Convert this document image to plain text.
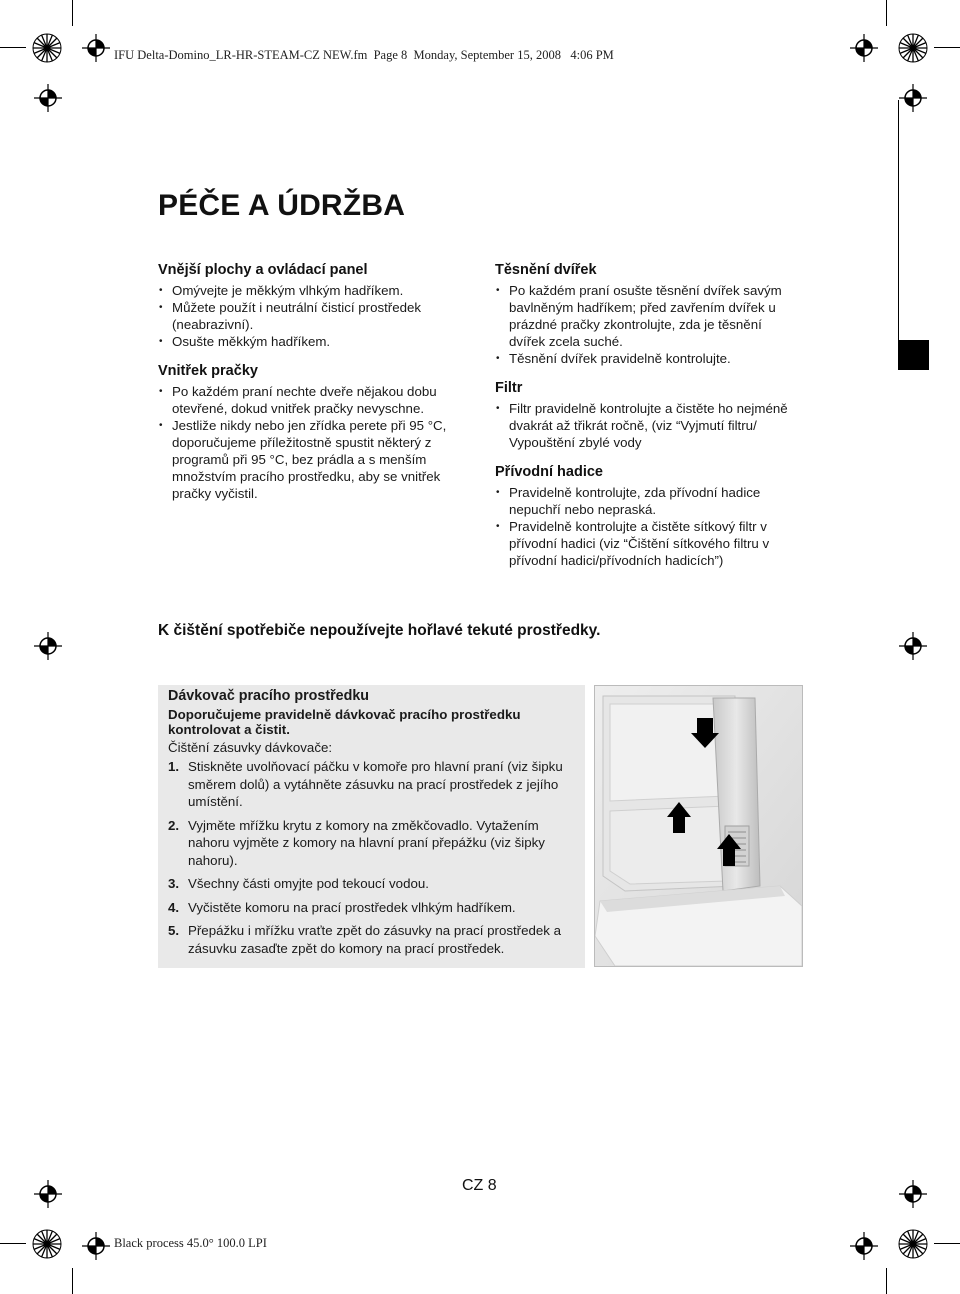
IFU Delta-Domino_LR-HR-STEAM-CZ NEW.fm Page 8 Monday, September 15, 2008 4:06 PM
Black process 45.0° 100.0 LPI
PÉČE A ÚDRŽBA
Vnější plochy a ovládací panel
• Omývejte je měkkým vlhkým hadříkem.
• Můžete použít i neutrální čisticí prostředek (neabrazivní).
• Osušte měkkým hadříkem.
Vnitřek pračky
• Po každém praní nechte dveře nějakou dobu otevřené, dokud vnitřek pračky nevyschne.
• Jestliže nikdy nebo jen zřídka perete při 95 °C, doporučujeme příležitostně spustit některý z programů při 95 °C, bez prádla a s menším množstvím pracího prostředku, aby se vnitřek pračky vyčistil.
Těsnění dvířek
• Po každém praní osušte těsnění dvířek savým bavlněným hadříkem; před zavřením dvířek u prázdné pračky zkontrolujte, zda je těsnění dvířek zcela suché.
• Těsnění dvířek pravidelně kontrolujte.
Filtr
• Filtr pravidelně kontrolujte a čistěte ho nejméně dvakrát až třikrát ročně, (viz “Vyjmutí filtru/ Vypouštění zbylé vody
Přívodní hadice
• Pravidelně kontrolujte, zda přívodní hadice nepuchří nebo nepraská.
• Pravidelně kontrolujte a čistěte sítkový filtr v přívodní hadici (viz “Čištění sítkového filtru v přívodní hadici/přívodních hadicích”)
K čištění spotřebiče nepoužívejte hořlavé tekuté prostředky.
Dávkovač pracího prostředku
Doporučujeme pravidelně dávkovač pracího prostředku kontrolovat a čistit.
Čištění zásuvky dávkovače:
1. Stiskněte uvolňovací páčku v komoře pro hlavní praní (viz šipku směrem dolů) a vytáhněte zásuvku na prací prostředek z jejího umístění.
2. Vyjměte mřížku krytu z komory na změkčovadlo. Vytažením nahoru vyjměte z komory na hlavní praní přepážku (viz šipky nahoru).
3. Všechny části omyjte pod tekoucí vodou.
4. Vyčistěte komoru na prací prostředek vlhkým hadříkem.
5. Přepážku i mřížku vraťte zpět do zásuvky na prací prostředek a zásuvku zasaďte zpět do komory na prací prostředek.
CZ 8
